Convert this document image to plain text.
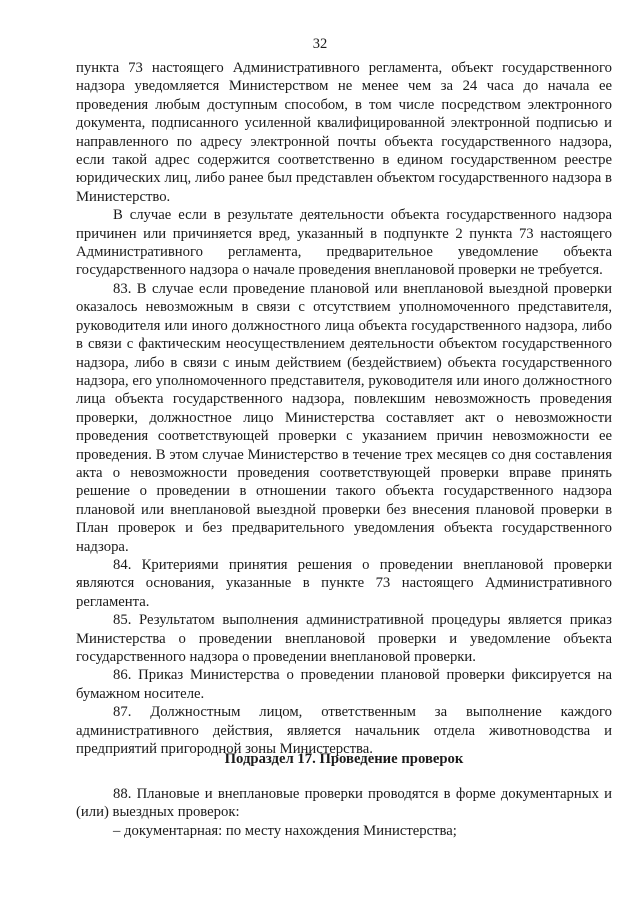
32

пункта 73 настоящего Административного регламента, объект государственного надзора уведомляется Министерством не менее чем за 24 часа до начала ее проведения любым доступным способом, в том числе посредством электронного документа, подписанного усиленной квалифицированной электронной подписью и направленного по адресу электронной почты объекта государственного надзора, если такой адрес содержится соответственно в едином государственном реестре юридических лиц, либо ранее был представлен объектом государственного надзора в Министерство.

В случае если в результате деятельности объекта государственного надзора причинен или причиняется вред, указанный в подпункте 2 пункта 73 настоящего Административного регламента, предварительное уведомление объекта государственного надзора о начале проведения внеплановой проверки не требуется.

83. В случае если проведение плановой или внеплановой выездной проверки оказалось невозможным в связи с отсутствием уполномоченного представителя, руководителя или иного должностного лица объекта государственного надзора, либо в связи с фактическим неосуществлением деятельности объектом государственного надзора, либо в связи с иным действием (бездействием) объекта государственного надзора, его уполномоченного представителя, руководителя или иного должностного лица объекта государственного надзора, повлекшим невозможность проведения проверки, должностное лицо Министерства составляет акт о невозможности проведения соответствующей проверки с указанием причин невозможности ее проведения. В этом случае Министерство в течение трех месяцев со дня составления акта о невозможности проведения соответствующей проверки вправе принять решение о проведении в отношении такого объекта государственного надзора плановой или внеплановой выездной проверки без внесения плановой проверки в План проверок и без предварительного уведомления объекта государственного надзора.

84. Критериями принятия решения о проведении внеплановой проверки являются основания, указанные в пункте 73 настоящего Административного регламента.

85. Результатом выполнения административной процедуры является приказ Министерства о проведении внеплановой проверки и уведомление объекта государственного надзора о проведении внеплановой проверки.

86. Приказ Министерства о проведении плановой проверки фиксируется на бумажном носителе.

87. Должностным лицом, ответственным за выполнение каждого административного действия, является начальник отдела животноводства и предприятий пригородной зоны Министерства.

Подраздел 17. Проведение проверок

88. Плановые и внеплановые проверки проводятся в форме документарных и (или) выездных проверок:

– документарная: по месту нахождения Министерства;
